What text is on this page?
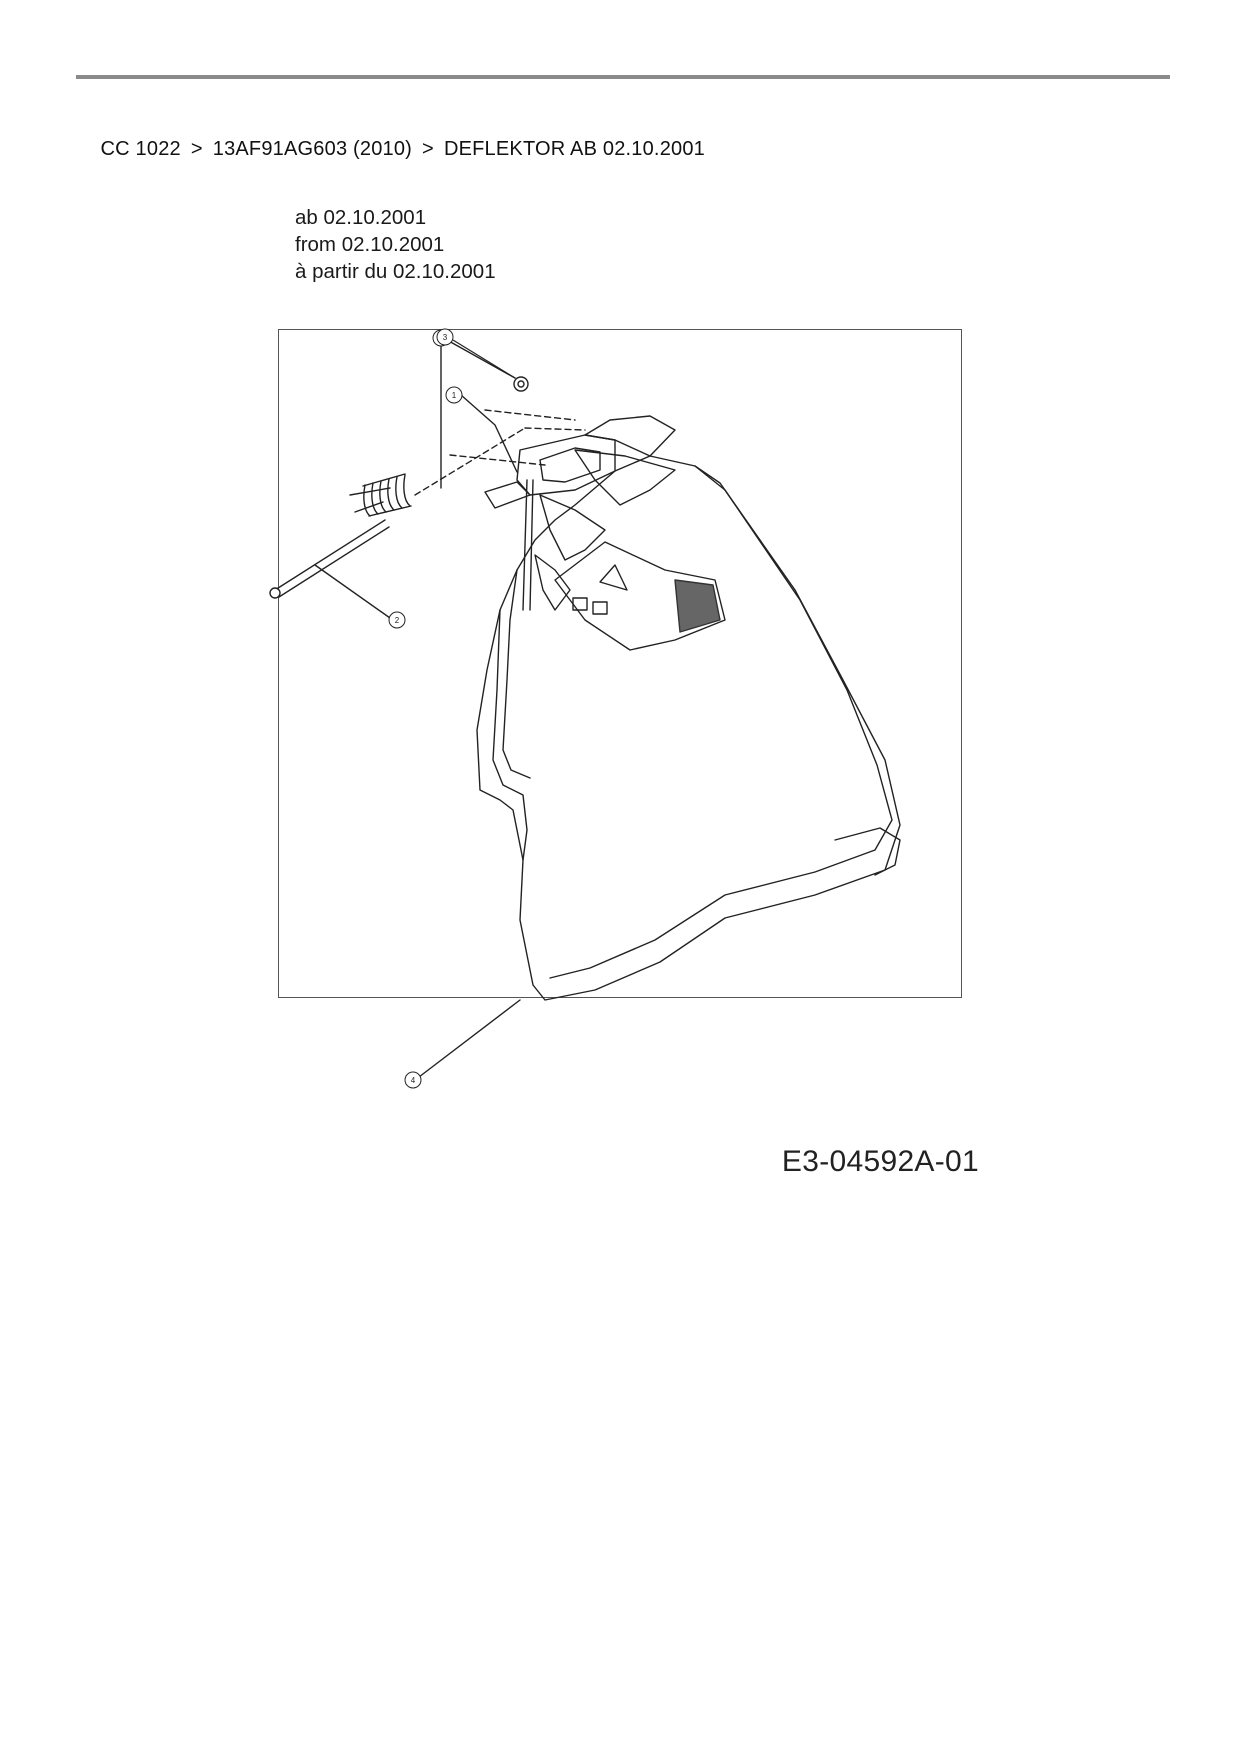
CC 1022 > 13AF91AG603 (2010) > DEFLEKTOR AB 02.10.2001

ab 02.10.2001
from 02.10.2001
à partir du 02.10.2001
1
2
4
3
E3-04592A-01
